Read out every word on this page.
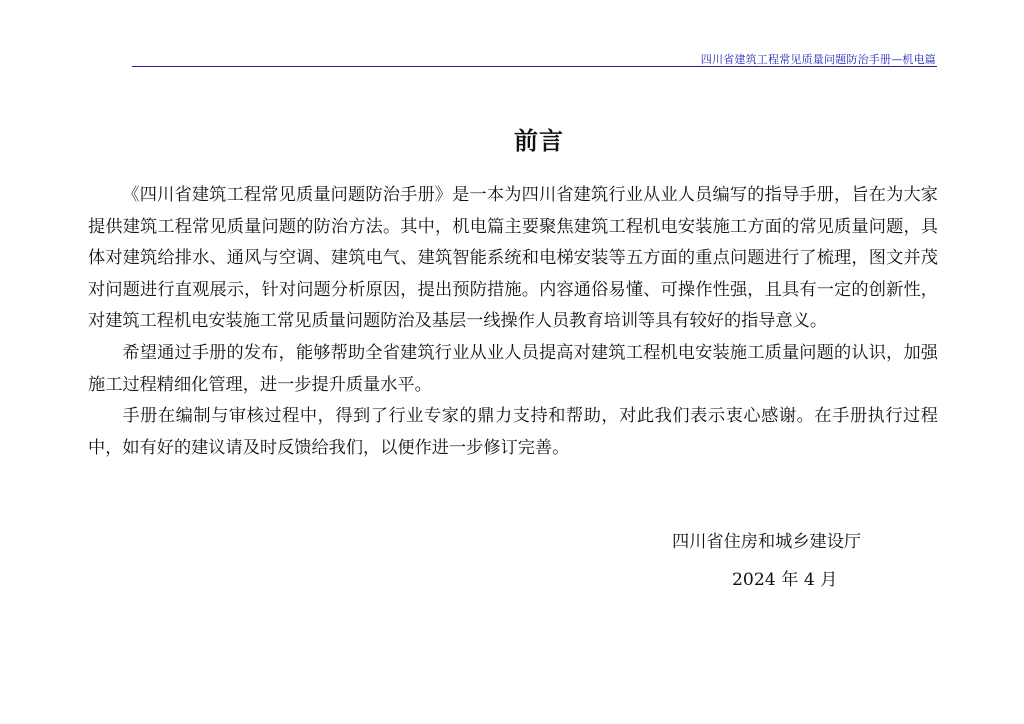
四川省建筑工程常见质量问题防治手册—机电篇
前言

《四川省建筑工程常见质量问题防治手册》是一本为四川省建筑行业从业人员编写的指导手册，旨在为大家提供建筑工程常见质量问题的防治方法。其中，机电篇主要聚焦建筑工程机电安装施工方面的常见质量问题，具体对建筑给排水、通风与空调、建筑电气、建筑智能系统和电梯安装等五方面的重点问题进行了梳理，图文并茂对问题进行直观展示，针对问题分析原因，提出预防措施。内容通俗易懂、可操作性强，且具有一定的创新性，对建筑工程机电安装施工常见质量问题防治及基层一线操作人员教育培训等具有较好的指导意义。

希望通过手册的发布，能够帮助全省建筑行业从业人员提高对建筑工程机电安装施工质量问题的认识，加强施工过程精细化管理，进一步提升质量水平。

手册在编制与审核过程中，得到了行业专家的鼎力支持和帮助，对此我们表示衷心感谢。在手册执行过程中，如有好的建议请及时反馈给我们，以便作进一步修订完善。

四川省住房和城乡建设厅
2024 年 4 月
